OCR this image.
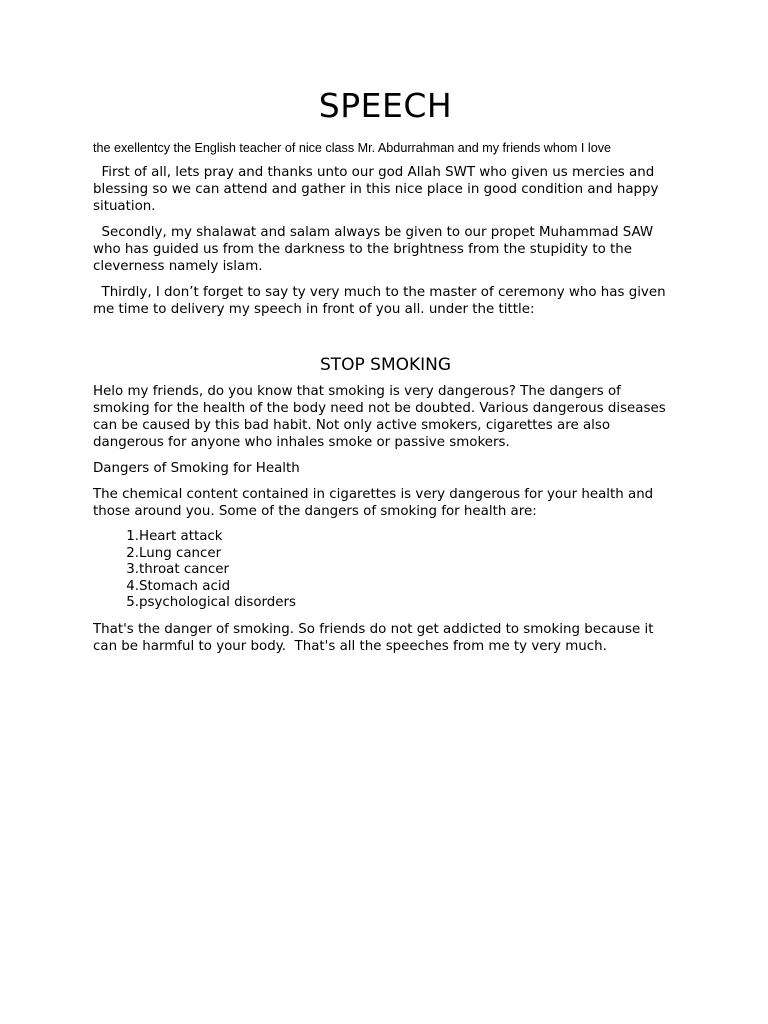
SPEECH

the exellentcy the English teacher of nice class Mr. Abdurrahman and my friends whom I love

First of all, lets pray and thanks unto our god Allah SWT who given us mercies and blessing so we can attend and gather in this nice place in good condition and happy situation.

Secondly, my shalawat and salam always be given to our propet Muhammad SAW who has guided us from the darkness to the brightness from the stupidity to the cleverness namely islam.

Thirdly, I don’t forget to say ty very much to the master of ceremony who has given me time to delivery my speech in front of you all. under the tittle:

STOP SMOKING

Helo my friends, do you know that smoking is very dangerous? The dangers of smoking for the health of the body need not be doubted. Various dangerous diseases can be caused by this bad habit. Not only active smokers, cigarettes are also dangerous for anyone who inhales smoke or passive smokers.

Dangers of Smoking for Health

The chemical content contained in cigarettes is very dangerous for your health and those around you. Some of the dangers of smoking for health are:

1. Heart attack
2. Lung cancer
3. throat cancer
4. Stomach acid
5. psychological disorders

That's the danger of smoking. So friends do not get addicted to smoking because it can be harmful to your body.  That's all the speeches from me ty very much.
